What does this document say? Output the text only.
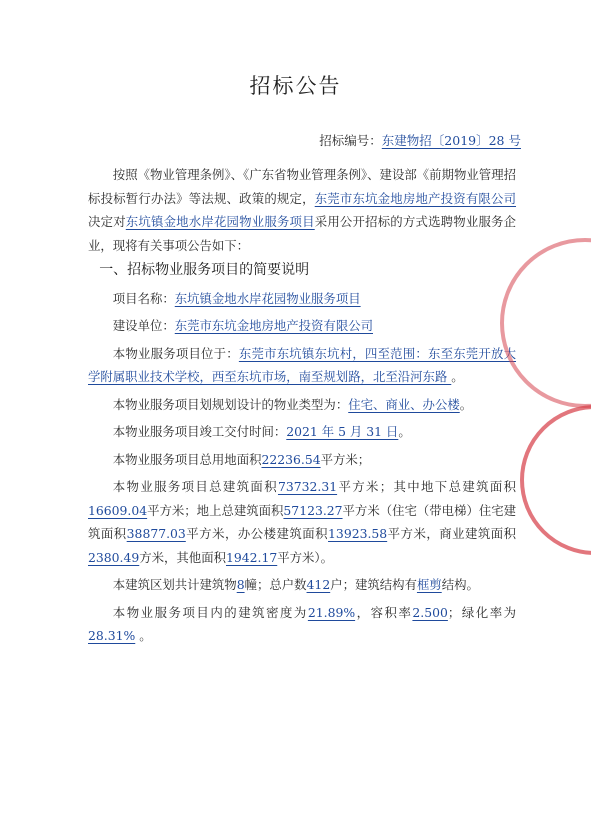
招标公告
招标编号：东建物招〔2019〕28 号

按照《物业管理条例》、《广东省物业管理条例》、建设部《前期物业管理招标投标暂行办法》等法规、政策的规定，东莞市东坑金地房地产投资有限公司决定对东坑镇金地水岸花园物业服务项目采用公开招标的方式选聘物业服务企业，现将有关事项公告如下：

一、招标物业服务项目的简要说明

项目名称：东坑镇金地水岸花园物业服务项目

建设单位：东莞市东坑金地房地产投资有限公司

本物业服务项目位于：东莞市东坑镇东坑村，四至范围：东至东莞开放大学附属职业技术学校，西至东坑市场，南至规划路，北至沿河东路 。

本物业服务项目划规划设计的物业类型为：住宅、商业、办公楼。

本物业服务项目竣工交付时间：2021 年 5 月 31 日。

本物业服务项目总用地面积22236.54平方米；

本物业服务项目总建筑面积73732.31平方米；其中地下总建筑面积16609.04平方米；地上总建筑面积57123.27平方米（住宅（带电梯）住宅建筑面积38877.03平方米，办公楼建筑面积13923.58平方米，商业建筑面积2380.49方米，其他面积1942.17平方米）。

本建筑区划共计建筑物8幢；总户数412户；建筑结构有框剪结构。

本物业服务项目内的建筑密度为21.89%，容积率2.500；绿化率为28.31% 。
